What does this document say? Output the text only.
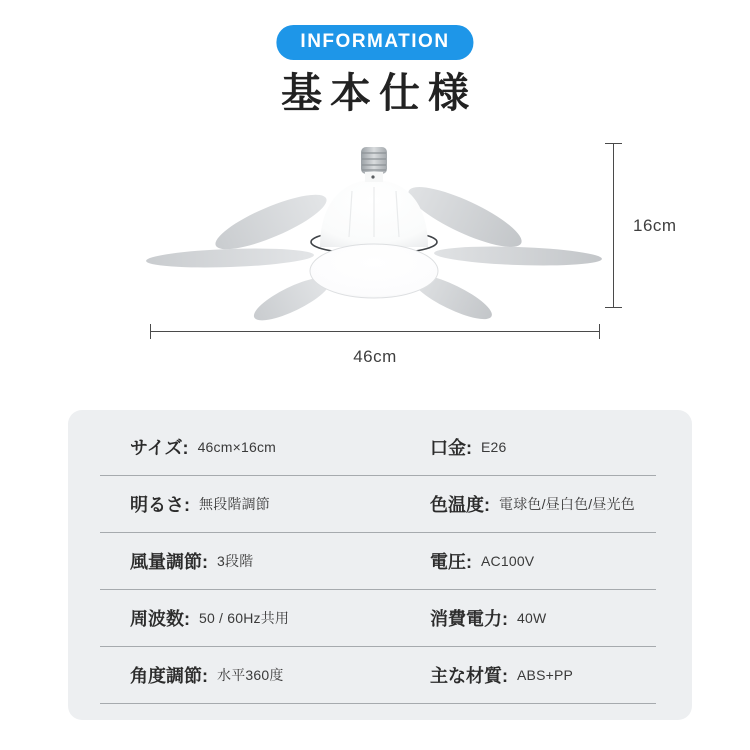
INFORMATION
基本仕様
16cm
46cm
サイズ: 46cm×16cm	口金: E26
明るさ: 無段階調節	色温度: 電球色/昼白色/昼光色
風量調節: 3段階	電圧: AC100V
周波数: 50 / 60Hz共用	消費電力: 40W
角度調節: 水平360度	主な材質: ABS+PP
